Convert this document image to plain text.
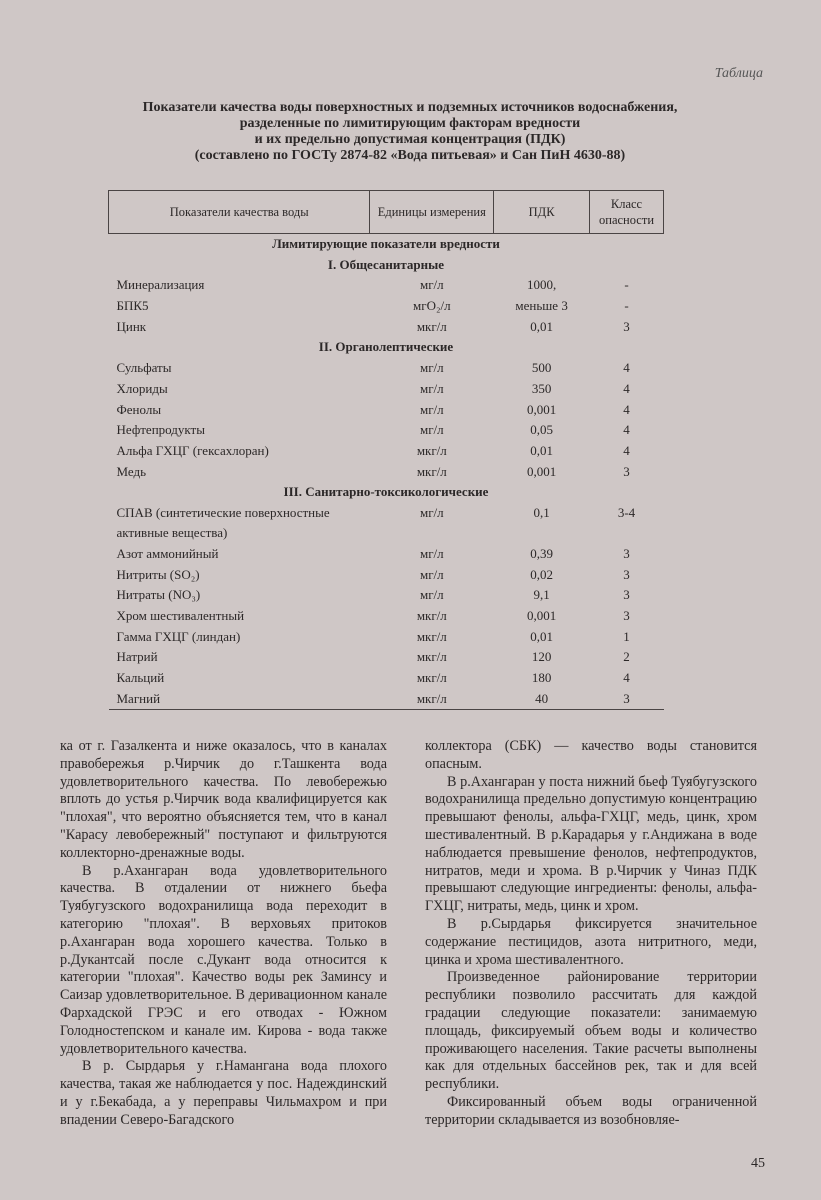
Таблица
Показатели качества воды поверхностных и подземных источников водоснабжения,
разделенные по лимитирующим факторам вредности
и их предельно допустимая концентрация (ПДК)
(составлено по ГОСТу 2874-82 «Вода питьевая» и Сан ПиН 4630-88)
Показатели качества воды	Единицы измерения	ПДК	Класс опасности
Лимитирующие показатели вредности			
I. Общесанитарные			
Минерализация	мг/л	1000,	-
БПК5	мгO₂/л	меньше 3	-
Цинк	мкг/л	0,01	3
II. Органолептические			
Сульфаты	мг/л	500	4
Хлориды	мг/л	350	4
Фенолы	мг/л	0,001	4
Нефтепродукты	мг/л	0,05	4
Альфа ГХЦГ (гексахлоран)	мкг/л	0,01	4
Медь	мкг/л	0,001	3
III. Санитарно-токсикологические			
СПАВ (синтетические поверхностные активные вещества)	мг/л	0,1	3-4
Азот аммонийный	мг/л	0,39	3
Нитриты (SO₂)	мг/л	0,02	3
Нитраты (NO₃)	мг/л	9,1	3
Хром шестивалентный	мкг/л	0,001	3
Гамма ГХЦГ (линдан)	мкг/л	0,01	1
Натрий	мкг/л	120	2
Кальций	мкг/л	180	4
Магний	мкг/л	40	3

ка от г. Газалкента и ниже оказалось, что в каналах правобережья р.Чирчик до г.Ташкента вода удовлетворительного качества. По левобережью вплоть до устья р.Чирчик вода квалифицируется как "плохая", что вероятно объясняется тем, что в канал "Карасу левобережный" поступают и фильтруются коллекторно-дренажные воды.

В р.Ахангаран вода удовлетворительного качества. В отдалении от нижнего бьефа Туябугузского водохранилища вода переходит в категорию "плохая". В верховьях притоков р.Ахангаран вода хорошего качества. Только в р.Дукантсай после с.Дукант вода относится к категории "плохая". Качество воды рек Заминсу и Саизар удовлетворительное. В деривационном канале Фархадской ГРЭС и его отводах - Южном Голодностепском и канале им. Кирова - вода также удовлетворительного качества.

В р. Сырдарья у г.Намангана вода плохого качества, такая же наблюдается у пос. Надеждинский и у г.Бекабада, а у переправы Чильмахром и при впадении Северо-Багадского

коллектора (СБК) — качество воды становится опасным.

В р.Ахангаран у поста нижний бьеф Туябугузского водохранилища предельно допустимую концентрацию превышают фенолы, альфа-ГХЦГ, медь, цинк, хром шестивалентный. В р.Карадарья у г.Андижана в воде наблюдается превышение фенолов, нефтепродуктов, нитратов, меди и хрома. В р.Чирчик у Чиназ ПДК превышают следующие ингредиенты: фенолы, альфа-ГХЦГ, нитраты, медь, цинк и хром.

В р.Сырдарья фиксируется значительное содержание пестицидов, азота нитритного, меди, цинка и хрома шестивалентного.

Произведенное районирование территории республики позволило рассчитать для каждой градации следующие показатели: занимаемую площадь, фиксируемый объем воды и количество проживающего населения. Такие расчеты выполнены как для отдельных бассейнов рек, так и для всей республики.

Фиксированный объем воды ограниченной территории складывается из возобновляе-

45
